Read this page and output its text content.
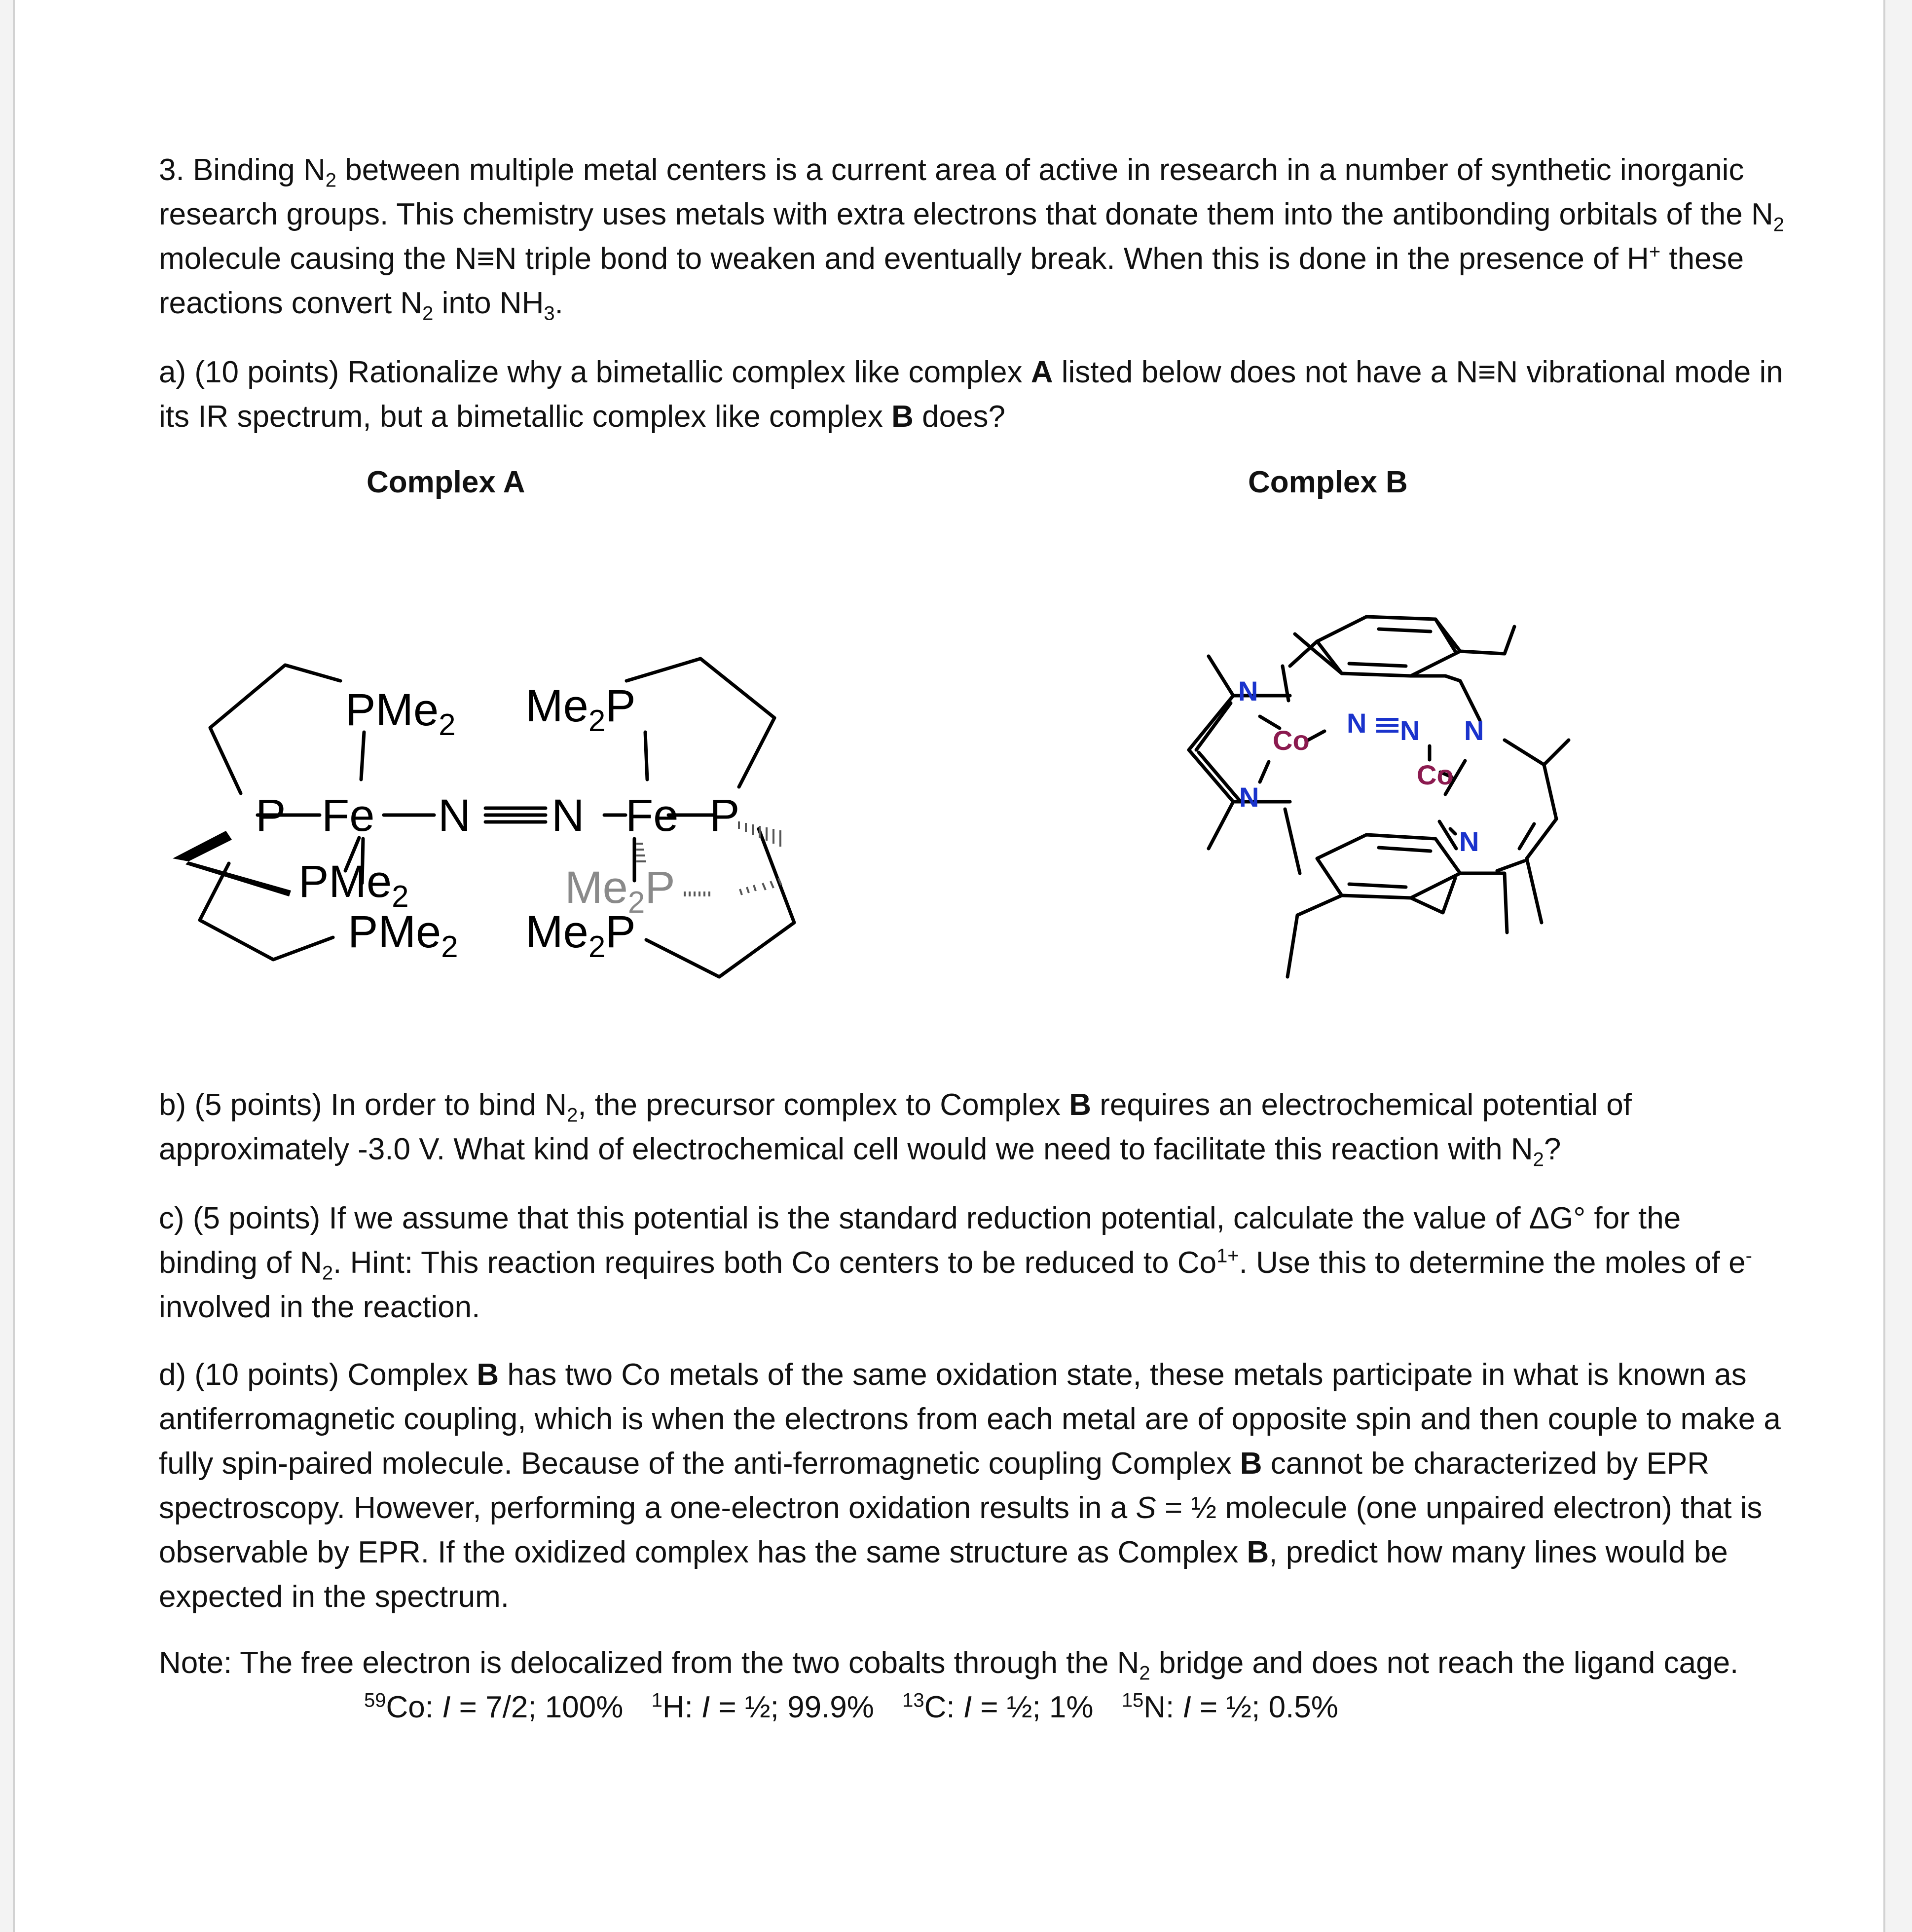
3. Binding $N_2$ between multiple metal centers is a current area of active in research in a number of synthetic inorganic research groups. This chemistry uses metals with extra electrons that donate them into the antibonding orbitals of the $N_2$ molecule causing the N≡N triple bond to weaken and eventually break. When this is done in the presence of H+ these reactions convert $N_2$ into $NH_3$.

a) (10 points) Rationalize why a bimetallic complex like complex A listed below does not have a N≡N vibrational mode in its IR spectrum, but a bimetallic complex like complex B does?

Complex A	Complex B

PMe$_2$ $Me_2P$
P Fe N N Fe P
PMe$_2$
PMe$_2$
$Me_2P$
$Me_2P$
N
N
Co
N N N
Co
N

b) (5 points) In order to bind $N_2$, the precursor complex to Complex B requires an electrochemical potential of approximately -3.0 V. What kind of electrochemical cell would we need to facilitate this reaction with $N_2$?

c) (5 points) If we assume that this potential is the standard reduction potential, calculate the value of ΔG° for the binding of $N_2$. Hint: This reaction requires both Co centers to be reduced to $Co^{1+}$. Use this to determine the moles of e- involved in the reaction.

d) (10 points) Complex B has two Co metals of the same oxidation state, these metals participate in what is known as antiferromagnetic coupling, which is when the electrons from each metal are of opposite spin and then couple to make a fully spin-paired molecule. Because of the anti-ferromagnetic coupling Complex B cannot be characterized by EPR spectroscopy. However, performing a one-electron oxidation results in a S = ½ molecule (one unpaired electron) that is observable by EPR. If the oxidized complex has the same structure as Complex B, predict how many lines would be expected in the spectrum.

Note: The free electron is delocalized from the two cobalts through the $N_2$ bridge and does not reach the ligand cage.

$^{59}$Co: I = 7/2; 100% $^1$H: I = ½; 99.9% $^{13}$C: I = ½; 1% $^{15}$N: I = ½; 0.5%
